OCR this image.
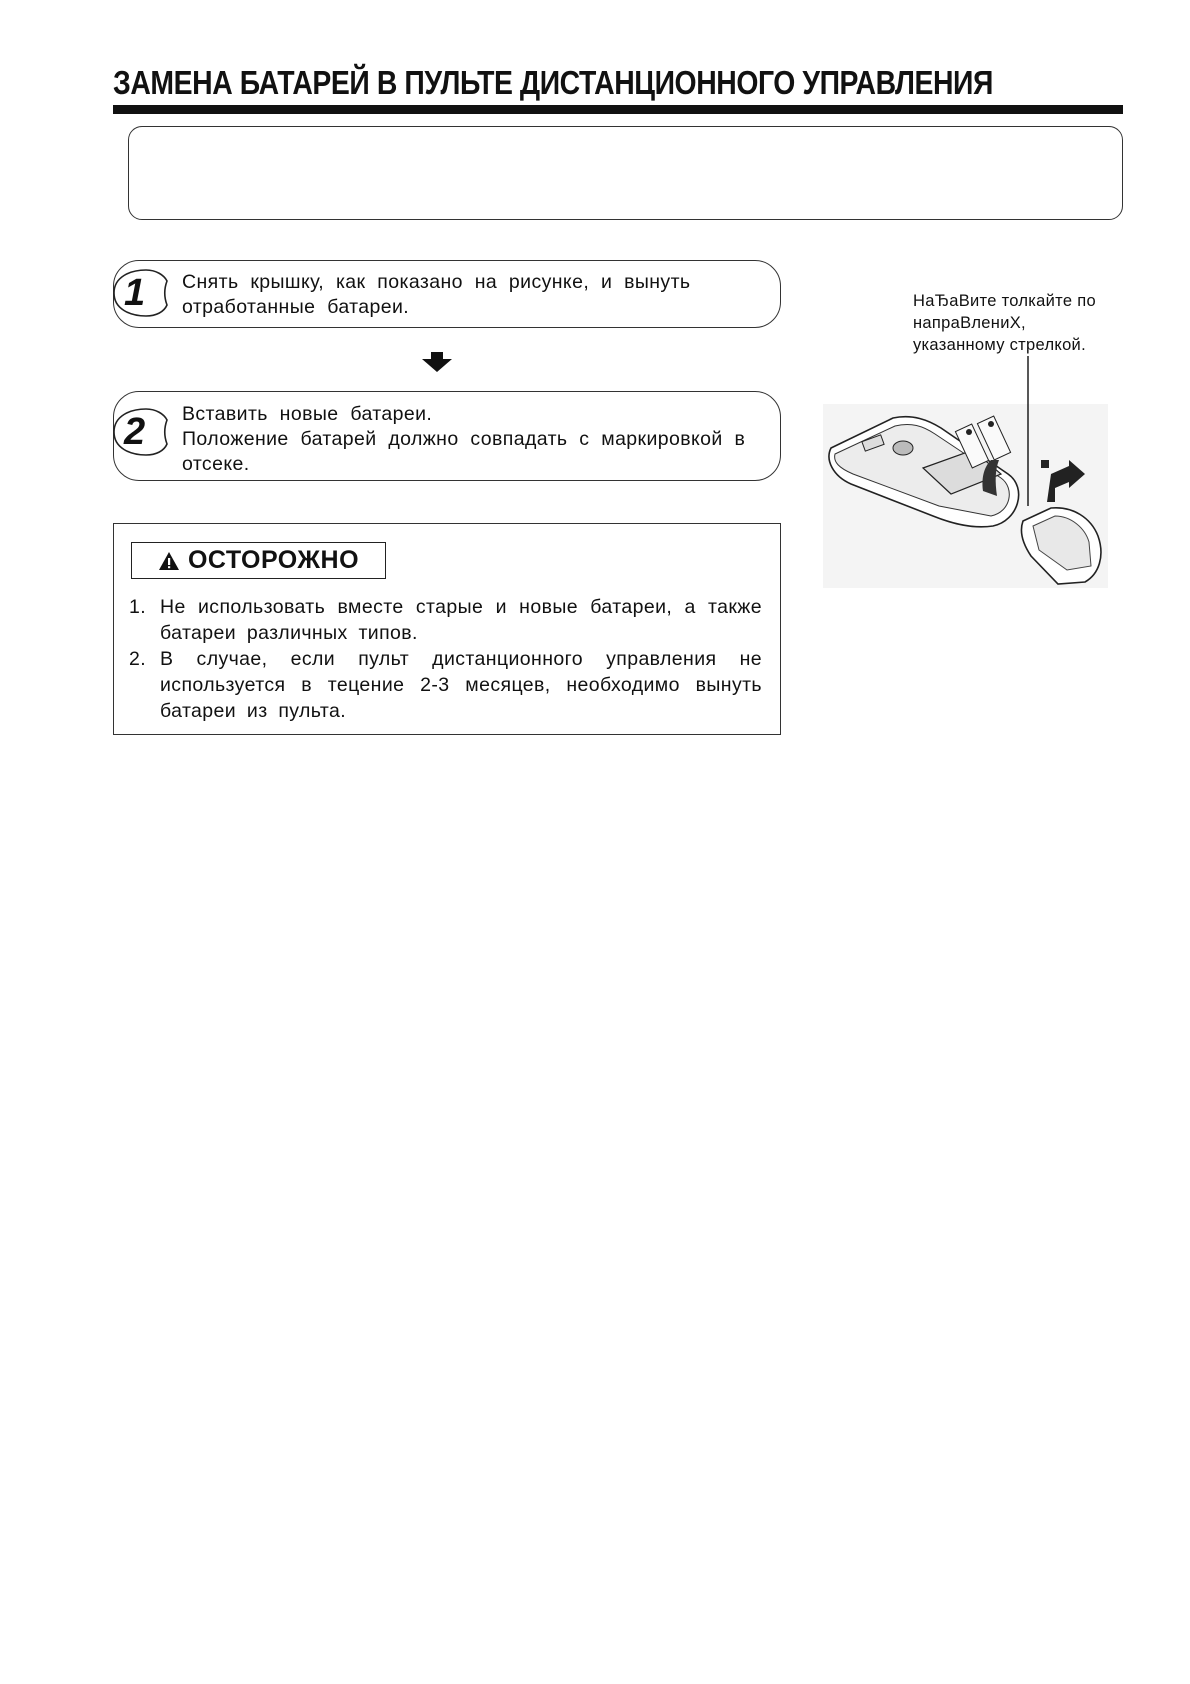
ЗАМЕНА БАТАРЕЙ В ПУЛЬТЕ ДИСТАНЦИОННОГО УПРАВЛЕНИЯ
1 Снять крышку, как показано на рисунке, и вынуть
отработанные батареи.
2 Вставить новые батареи.
Положение батарей должно совпадать с маркировкой в
отсеке.
ОСТОРОЖНО
1. Не использовать вместе старые и новые батареи, а также батареи различных типов.
2. В случае, если пульт дистанционного управления не используется в тецение 2-3 месяцев, необходимо вынуть батареи из пульта.
НаЂаВите толкайте по
напраВлениХ,
указанному стрелкой.
